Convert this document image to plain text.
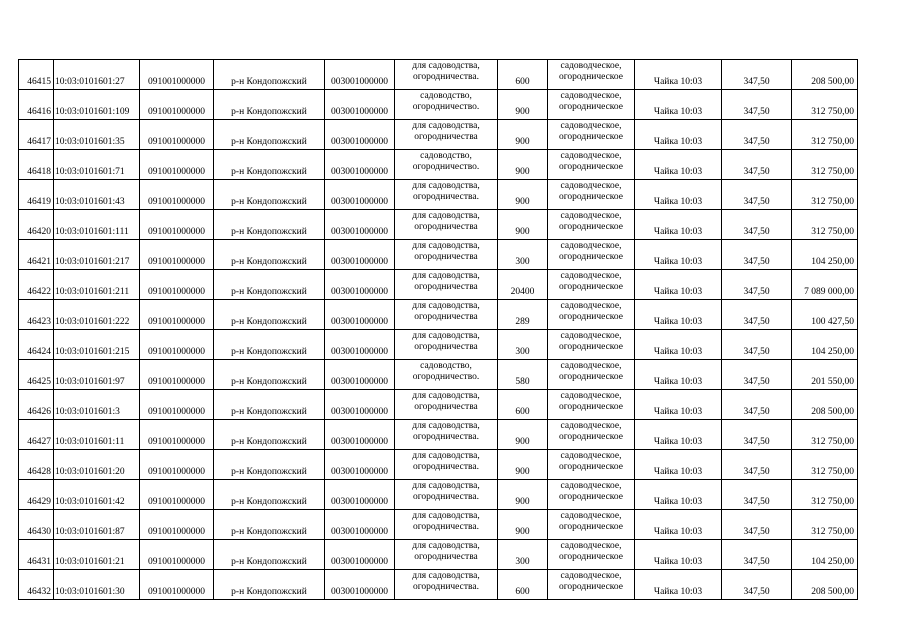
46415	10:03:0101601:27	091001000000	р-н Кондопожский	003001000000	для садоводства, огородничества.	600	садоводческое, огородническое	Чайка 10:03	347,50	208 500,00
46416	10:03:0101601:109	091001000000	р-н Кондопожский	003001000000	садоводство, огородничество.	900	садоводческое, огородническое	Чайка 10:03	347,50	312 750,00
46417	10:03:0101601:35	091001000000	р-н Кондопожский	003001000000	для садоводства, огородничества	900	садоводческое, огородническое	Чайка 10:03	347,50	312 750,00
46418	10:03:0101601:71	091001000000	р-н Кондопожский	003001000000	садоводство, огородничество.	900	садоводческое, огородническое	Чайка 10:03	347,50	312 750,00
46419	10:03:0101601:43	091001000000	р-н Кондопожский	003001000000	для садоводства, огородничества.	900	садоводческое, огородническое	Чайка 10:03	347,50	312 750,00
46420	10:03:0101601:111	091001000000	р-н Кондопожский	003001000000	для садоводства, огородничества	900	садоводческое, огородническое	Чайка 10:03	347,50	312 750,00
46421	10:03:0101601:217	091001000000	р-н Кондопожский	003001000000	для садоводства, огородничества	300	садоводческое, огородническое	Чайка 10:03	347,50	104 250,00
46422	10:03:0101601:211	091001000000	р-н Кондопожский	003001000000	для садоводства, огородничества	20400	садоводческое, огородническое	Чайка 10:03	347,50	7 089 000,00
46423	10:03:0101601:222	091001000000	р-н Кондопожский	003001000000	для садоводства, огородничества	289	садоводческое, огородническое	Чайка 10:03	347,50	100 427,50
46424	10:03:0101601:215	091001000000	р-н Кондопожский	003001000000	для садоводства, огородничества	300	садоводческое, огородническое	Чайка 10:03	347,50	104 250,00
46425	10:03:0101601:97	091001000000	р-н Кондопожский	003001000000	садоводство, огородничество.	580	садоводческое, огородническое	Чайка 10:03	347,50	201 550,00
46426	10:03:0101601:3	091001000000	р-н Кондопожский	003001000000	для садоводства, огородничества	600	садоводческое, огородническое	Чайка 10:03	347,50	208 500,00
46427	10:03:0101601:11	091001000000	р-н Кондопожский	003001000000	для садоводства, огородничества.	900	садоводческое, огородническое	Чайка 10:03	347,50	312 750,00
46428	10:03:0101601:20	091001000000	р-н Кондопожский	003001000000	для садоводства, огородничества.	900	садоводческое, огородническое	Чайка 10:03	347,50	312 750,00
46429	10:03:0101601:42	091001000000	р-н Кондопожский	003001000000	для садоводства, огородничества.	900	садоводческое, огородническое	Чайка 10:03	347,50	312 750,00
46430	10:03:0101601:87	091001000000	р-н Кондопожский	003001000000	для садоводства, огородничества.	900	садоводческое, огородническое	Чайка 10:03	347,50	312 750,00
46431	10:03:0101601:21	091001000000	р-н Кондопожский	003001000000	для садоводства, огородничества	300	садоводческое, огородническое	Чайка 10:03	347,50	104 250,00
46432	10:03:0101601:30	091001000000	р-н Кондопожский	003001000000	для садоводства, огородничества.	600	садоводческое, огородническое	Чайка 10:03	347,50	208 500,00
